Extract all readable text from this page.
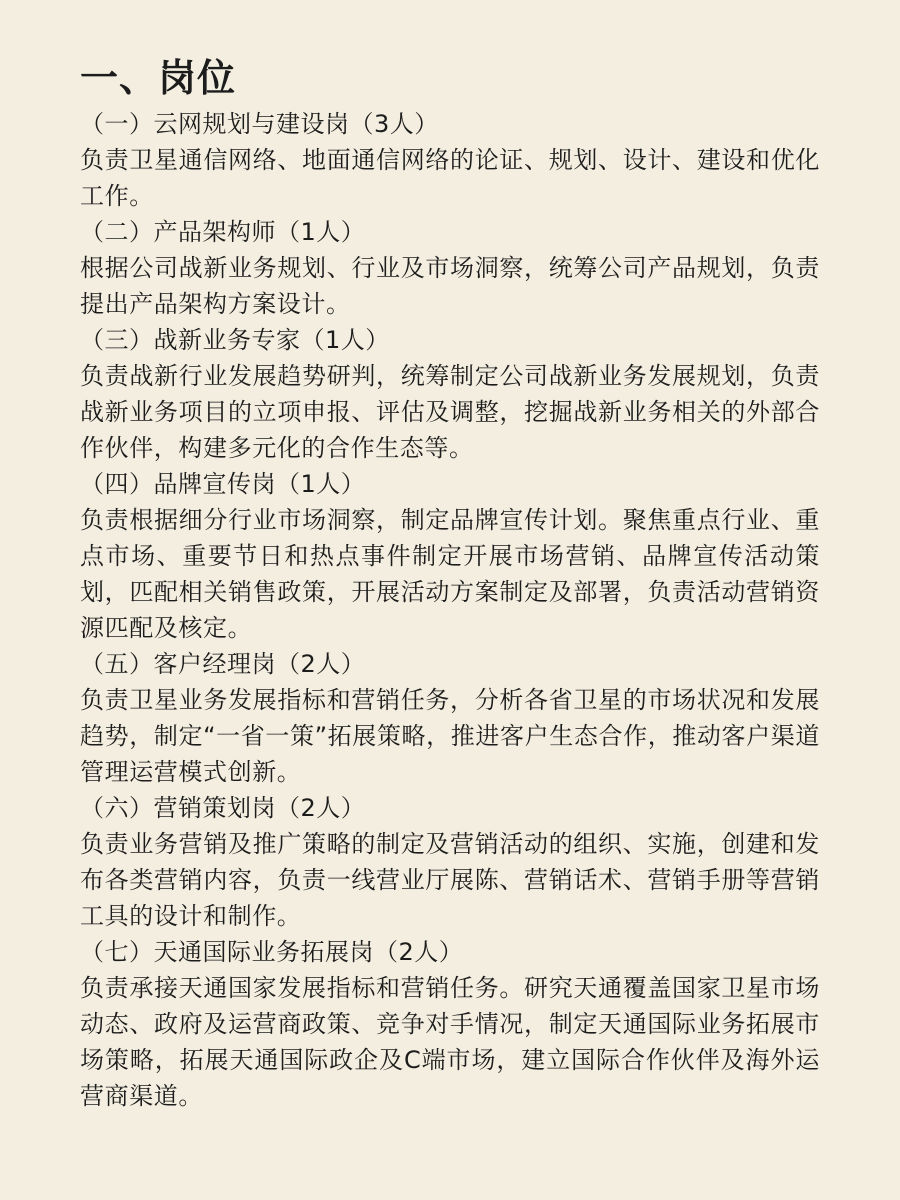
一、岗位

（一）云网规划与建设岗（3人）

负责卫星通信网络、地面通信网络的论证、规划、设计、建设和优化工作。

（二）产品架构师（1人）

根据公司战新业务规划、行业及市场洞察，统筹公司产品规划，负责提出产品架构方案设计。

（三）战新业务专家（1人）

负责战新行业发展趋势研判，统筹制定公司战新业务发展规划，负责战新业务项目的立项申报、评估及调整，挖掘战新业务相关的外部合作伙伴，构建多元化的合作生态等。

（四）品牌宣传岗（1人）

负责根据细分行业市场洞察，制定品牌宣传计划。聚焦重点行业、重点市场、重要节日和热点事件制定开展市场营销、品牌宣传活动策划，匹配相关销售政策，开展活动方案制定及部署，负责活动营销资源匹配及核定。

（五）客户经理岗（2人）

负责卫星业务发展指标和营销任务，分析各省卫星的市场状况和发展趋势，制定“一省一策”拓展策略，推进客户生态合作，推动客户渠道管理运营模式创新。

（六）营销策划岗（2人）

负责业务营销及推广策略的制定及营销活动的组织、实施，创建和发布各类营销内容，负责一线营业厅展陈、营销话术、营销手册等营销工具的设计和制作。

（七）天通国际业务拓展岗（2人）

负责承接天通国家发展指标和营销任务。研究天通覆盖国家卫星市场动态、政府及运营商政策、竞争对手情况，制定天通国际业务拓展市场策略，拓展天通国际政企及C端市场，建立国际合作伙伴及海外运营商渠道。
